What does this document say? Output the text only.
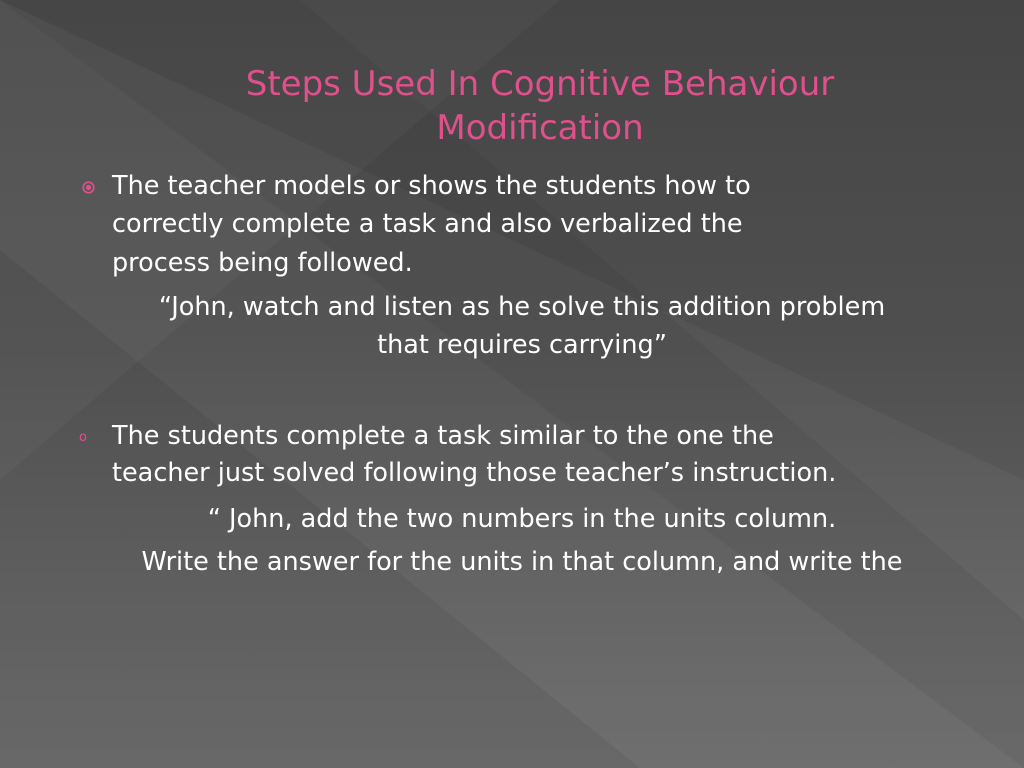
Steps Used In Cognitive Behaviour
Modification
The teacher models or shows the students how to
correctly complete a task and also verbalized the
process being followed.
“John, watch and listen as he solve this addition problem
that requires carrying”
o The students complete a task similar to the one the
teacher just solved following those teacher’s instruction.
“ John, add the two numbers in the units column.
Write the answer for the units in that column, and write the
